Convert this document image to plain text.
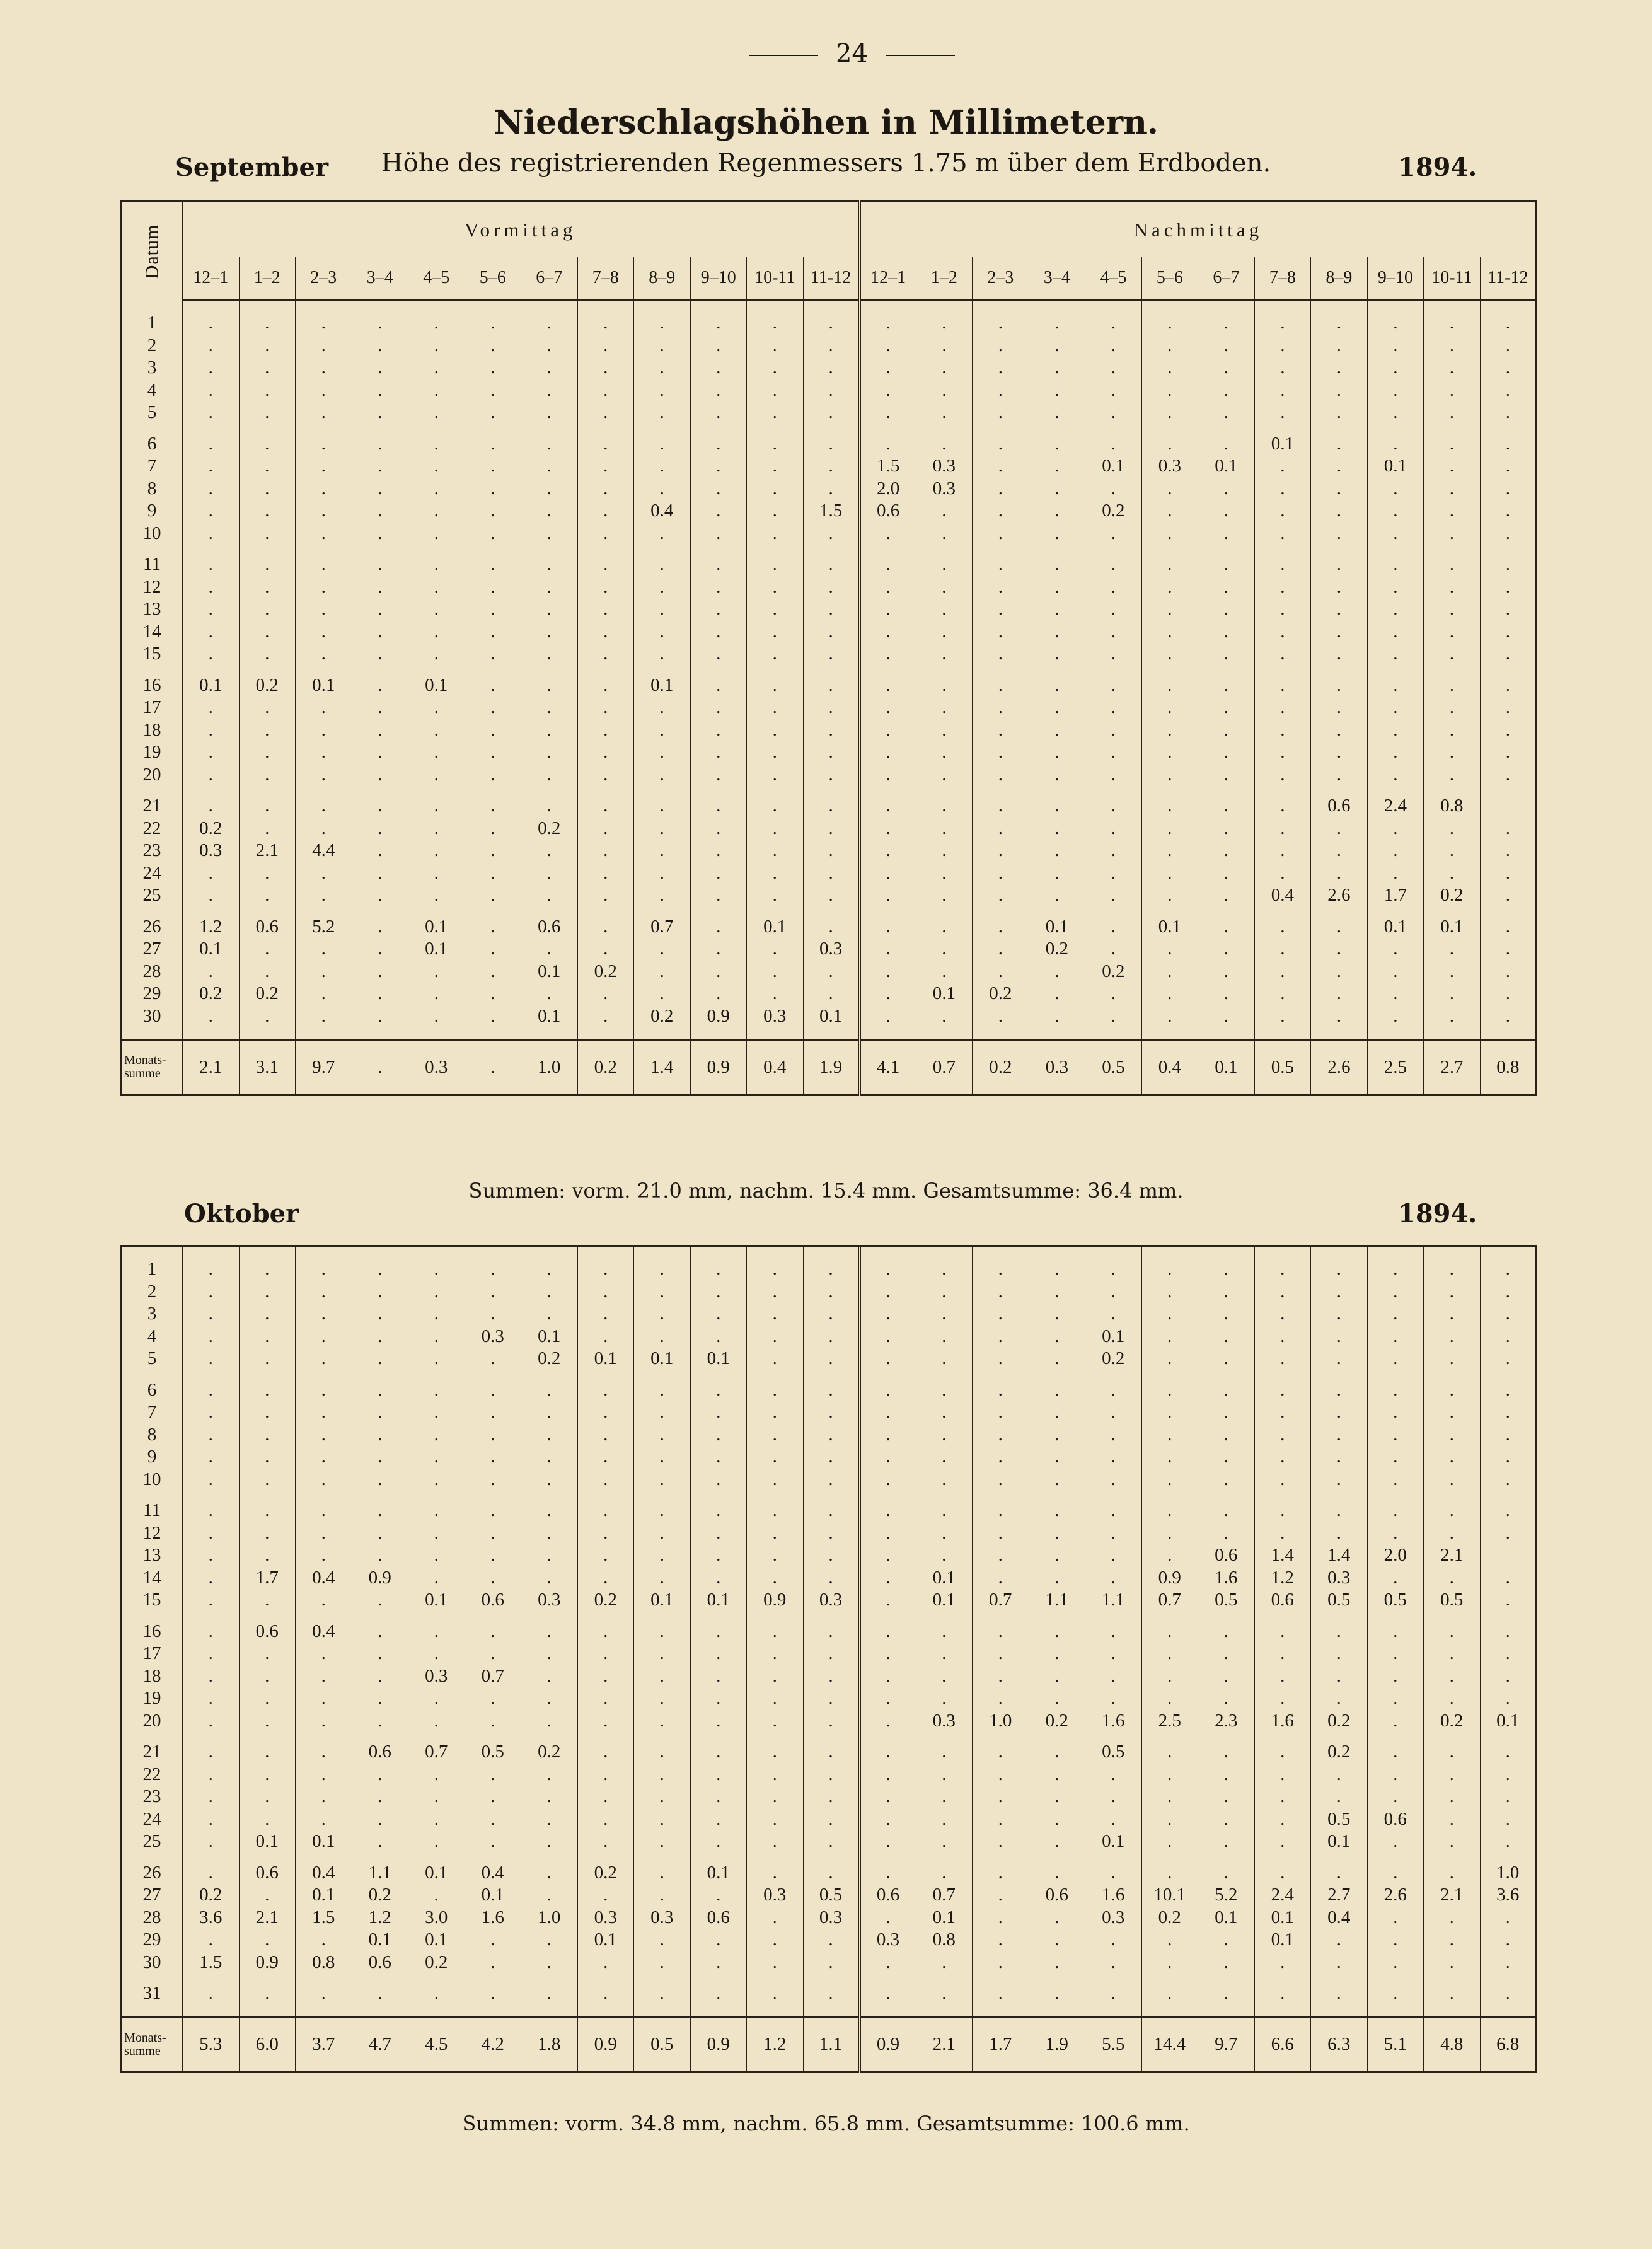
24
Niederschlagshöhen in Millimetern.
Höhe des registrierenden Regenmessers 1.75 m über dem Erdboden.
September	1894.
Datum	Vormittag												Nachmittag											
	12–1	1–2	2–3	3–4	4–5	5–6	6–7	7–8	8–9	9–10	10-11	11-12	12–1	1–2	2–3	3–4	4–5	5–6	6–7	7–8	8–9	9–10	10-11	11-12

1	.	.	.	.	.	.	.	.	.	.	.	.	.	.	.	.	.	.	.	.	.	.	.	.
2	.	.	.	.	.	.	.	.	.	.	.	.	.	.	.	.	.	.	.	.	.	.	.	.
3	.	.	.	.	.	.	.	.	.	.	.	.	.	.	.	.	.	.	.	.	.	.	.	.
4	.	.	.	.	.	.	.	.	.	.	.	.	.	.	.	.	.	.	.	.	.	.	.	.
5	.	.	.	.	.	.	.	.	.	.	.	.	.	.	.	.	.	.	.	.	.	.	.	.

6	.	.	.	.	.	.	.	.	.	.	.	.	.	.	.	.	.	.	.	0.1	.	.	.	.
7	.	.	.	.	.	.	.	.	.	.	.	.	1.5	0.3	.	.	0.1	0.3	0.1	.	.	0.1	.	.
8	.	.	.	.	.	.	.	.	.	.	.	.	2.0	0.3	.	.	.	.	.	.	.	.	.	.
9	.	.	.	.	.	.	.	.	0.4	.	.	1.5	0.6	.	.	.	0.2	.	.	.	.	.	.	.
10	.	.	.	.	.	.	.	.	.	.	.	.	.	.	.	.	.	.	.	.	.	.	.	.

11	.	.	.	.	.	.	.	.	.	.	.	.	.	.	.	.	.	.	.	.	.	.	.	.
12	.	.	.	.	.	.	.	.	.	.	.	.	.	.	.	.	.	.	.	.	.	.	.	.
13	.	.	.	.	.	.	.	.	.	.	.	.	.	.	.	.	.	.	.	.	.	.	.	.
14	.	.	.	.	.	.	.	.	.	.	.	.	.	.	.	.	.	.	.	.	.	.	.	.
15	.	.	.	.	.	.	.	.	.	.	.	.	.	.	.	.	.	.	.	.	.	.	.	.

16	0.1	0.2	0.1	.	0.1	.	.	.	0.1	.	.	.	.	.	.	.	.	.	.	.	.	.	.	.
17	.	.	.	.	.	.	.	.	.	.	.	.	.	.	.	.	.	.	.	.	.	.	.	.
18	.	.	.	.	.	.	.	.	.	.	.	.	.	.	.	.	.	.	.	.	.	.	.	.
19	.	.	.	.	.	.	.	.	.	.	.	.	.	.	.	.	.	.	.	.	.	.	.	.
20	.	.	.	.	.	.	.	.	.	.	.	.	.	.	.	.	.	.	.	.	.	.	.	.

21	.	.	.	.	.	.	.	.	.	.	.	.	.	.	.	.	.	.	.	.	0.6	2.4	0.8	
22	0.2	.	.	.	.	.	0.2	.	.	.	.	.	.	.	.	.	.	.	.	.	.	.	.	.
23	0.3	2.1	4.4	.	.	.	.	.	.	.	.	.	.	.	.	.	.	.	.	.	.	.	.	.
24	.	.	.	.	.	.	.	.	.	.	.	.	.	.	.	.	.	.	.	.	.	.	.	.
25	.	.	.	.	.	.	.	.	.	.	.	.	.	.	.	.	.	.	.	0.4	2.6	1.7	0.2	.

26	1.2	0.6	5.2	.	0.1	.	0.6	.	0.7	.	0.1	.	.	.	.	0.1	.	0.1	.	.	.	0.1	0.1	.
27	0.1	.	.	.	0.1	.	.	.	.	.	.	0.3	.	.	.	0.2	.	.	.	.	.	.	.	.
28	.	.	.	.	.	.	0.1	0.2	.	.	.	.	.	.	.	.	0.2	.	.	.	.	.	.	.
29	0.2	0.2	.	.	.	.	.	.	.	.	.	.	.	0.1	0.2	.	.	.	.	.	.	.	.	.
30	.	.	.	.	.	.	0.1	.	0.2	0.9	0.3	0.1	.	.	.	.	.	.	.	.	.	.	.	.

Monats-summe	2.1	3.1	9.7	.	0.3	.	1.0	0.2	1.4	0.9	0.4	1.9	4.1	0.7	0.2	0.3	0.5	0.4	0.1	0.5	2.6	2.5	2.7	0.8
Summen: vorm. 21.0 mm, nachm. 15.4 mm. Gesamtsumme: 36.4 mm.
Oktober	1894.

1	.	.	.	.	.	.	.	.	.	.	.	.	.	.	.	.	.	.	.	.	.	.	.	.
2	.	.	.	.	.	.	.	.	.	.	.	.	.	.	.	.	.	.	.	.	.	.	.	.
3	.	.	.	.	.	.	.	.	.	.	.	.	.	.	.	.	.	.	.	.	.	.	.	.
4	.	.	.	.	.	0.3	0.1	.	.	.	.	.	.	.	.	.	0.1	.	.	.	.	.	.	.
5	.	.	.	.	.	.	0.2	0.1	0.1	0.1	.	.	.	.	.	.	0.2	.	.	.	.	.	.	.

6	.	.	.	.	.	.	.	.	.	.	.	.	.	.	.	.	.	.	.	.	.	.	.	.
7	.	.	.	.	.	.	.	.	.	.	.	.	.	.	.	.	.	.	.	.	.	.	.	.
8	.	.	.	.	.	.	.	.	.	.	.	.	.	.	.	.	.	.	.	.	.	.	.	.
9	.	.	.	.	.	.	.	.	.	.	.	.	.	.	.	.	.	.	.	.	.	.	.	.
10	.	.	.	.	.	.	.	.	.	.	.	.	.	.	.	.	.	.	.	.	.	.	.	.

11	.	.	.	.	.	.	.	.	.	.	.	.	.	.	.	.	.	.	.	.	.	.	.	.
12	.	.	.	.	.	.	.	.	.	.	.	.	.	.	.	.	.	.	.	.	.	.	.	.
13	.	.	.	.	.	.	.	.	.	.	.	.	.	.	.	.	.	.	0.6	1.4	1.4	2.0	2.1	
14	.	1.7	0.4	0.9	.	.	.	.	.	.	.	.	.	0.1	.	.	.	0.9	1.6	1.2	0.3	.	.	.
15	.	.	.	.	0.1	0.6	0.3	0.2	0.1	0.1	0.9	0.3	.	0.1	0.7	1.1	1.1	0.7	0.5	0.6	0.5	0.5	0.5	.

16	.	0.6	0.4	.	.	.	.	.	.	.	.	.	.	.	.	.	.	.	.	.	.	.	.	.
17	.	.	.	.	.	.	.	.	.	.	.	.	.	.	.	.	.	.	.	.	.	.	.	.
18	.	.	.	.	0.3	0.7	.	.	.	.	.	.	.	.	.	.	.	.	.	.	.	.	.	.
19	.	.	.	.	.	.	.	.	.	.	.	.	.	.	.	.	.	.	.	.	.	.	.	.
20	.	.	.	.	.	.	.	.	.	.	.	.	.	0.3	1.0	0.2	1.6	2.5	2.3	1.6	0.2	.	0.2	0.1

21	.	.	.	0.6	0.7	0.5	0.2	.	.	.	.	.	.	.	.	.	0.5	.	.	.	0.2	.	.	.
22	.	.	.	.	.	.	.	.	.	.	.	.	.	.	.	.	.	.	.	.	.	.	.	.
23	.	.	.	.	.	.	.	.	.	.	.	.	.	.	.	.	.	.	.	.	.	.	.	.
24	.	.	.	.	.	.	.	.	.	.	.	.	.	.	.	.	.	.	.	.	0.5	0.6	.	.
25	.	0.1	0.1	.	.	.	.	.	.	.	.	.	.	.	.	.	0.1	.	.	.	0.1	.	.	.

26	.	0.6	0.4	1.1	0.1	0.4	.	0.2	.	0.1	.	.	.	.	.	.	.	.	.	.	.	.	.	1.0
27	0.2	.	0.1	0.2	.	0.1	.	.	.	.	0.3	0.5	0.6	0.7	.	0.6	1.6	10.1	5.2	2.4	2.7	2.6	2.1	3.6
28	3.6	2.1	1.5	1.2	3.0	1.6	1.0	0.3	0.3	0.6	.	0.3	.	0.1	.	.	0.3	0.2	0.1	0.1	0.4	.	.	.
29	.	.	.	0.1	0.1	.	.	0.1	.	.	.	.	0.3	0.8	.	.	.	.	.	0.1	.	.	.	.
30	1.5	0.9	0.8	0.6	0.2	.	.	.	.	.	.	.	.	.	.	.	.	.	.	.	.	.	.	.

31	.	.	.	.	.	.	.	.	.	.	.	.	.	.	.	.	.	.	.	.	.	.	.	.

Monats-summe	5.3	6.0	3.7	4.7	4.5	4.2	1.8	0.9	0.5	0.9	1.2	1.1	0.9	2.1	1.7	1.9	5.5	14.4	9.7	6.6	6.3	5.1	4.8	6.8
Summen: vorm. 34.8 mm, nachm. 65.8 mm. Gesamtsumme: 100.6 mm.
